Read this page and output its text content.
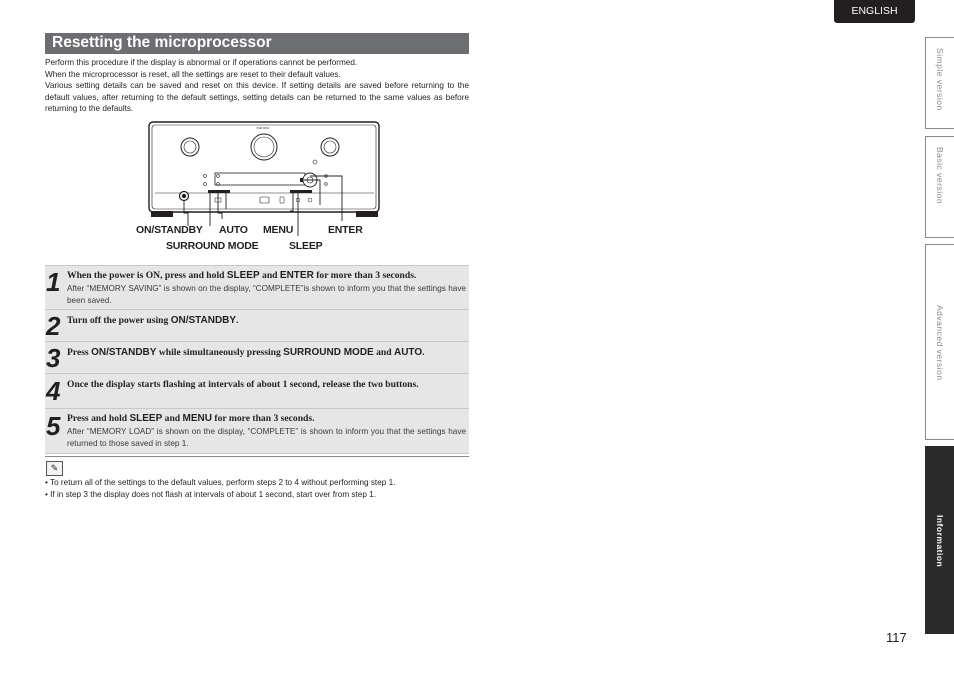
ENGLISH
Simple version
Basic version
Advanced version
Information
Resetting the microprocessor

Perform this procedure if the display is abnormal or if operations cannot be performed.

When the microprocessor is reset, all the settings are reset to their default values.

Various setting details can be saved and reset on this device. If setting details are saved before returning to the default values, after returning to the default settings, setting details can be returned to the same values as before returning to the defaults.

marantz
ON/STANDBY AUTO MENU	ENTER
SURROUND MODE	SLEEP
1 When the power is ON, press and hold SLEEP and ENTER for more than 3 seconds.
After “MEMORY SAVING” is shown on the display, “COMPLETE”is shown to inform you that the settings have been saved.
2 Turn off the power using ON/STANDBY.
3 Press ON/STANDBY while simultaneously pressing SURROUND MODE and AUTO.
4 Once the display starts flashing at intervals of about 1 second, release the two buttons.
5 Press and hold SLEEP and MENU for more than 3 seconds.
After “MEMORY LOAD” is shown on the display, “COMPLETE” is shown to inform you that the settings have returned to those saved in step 1.
✎
• To return all of the settings to the default values, perform steps 2 to 4 without performing step 1.
• If in step 3 the display does not flash at intervals of about 1 second, start over from step 1.
117
